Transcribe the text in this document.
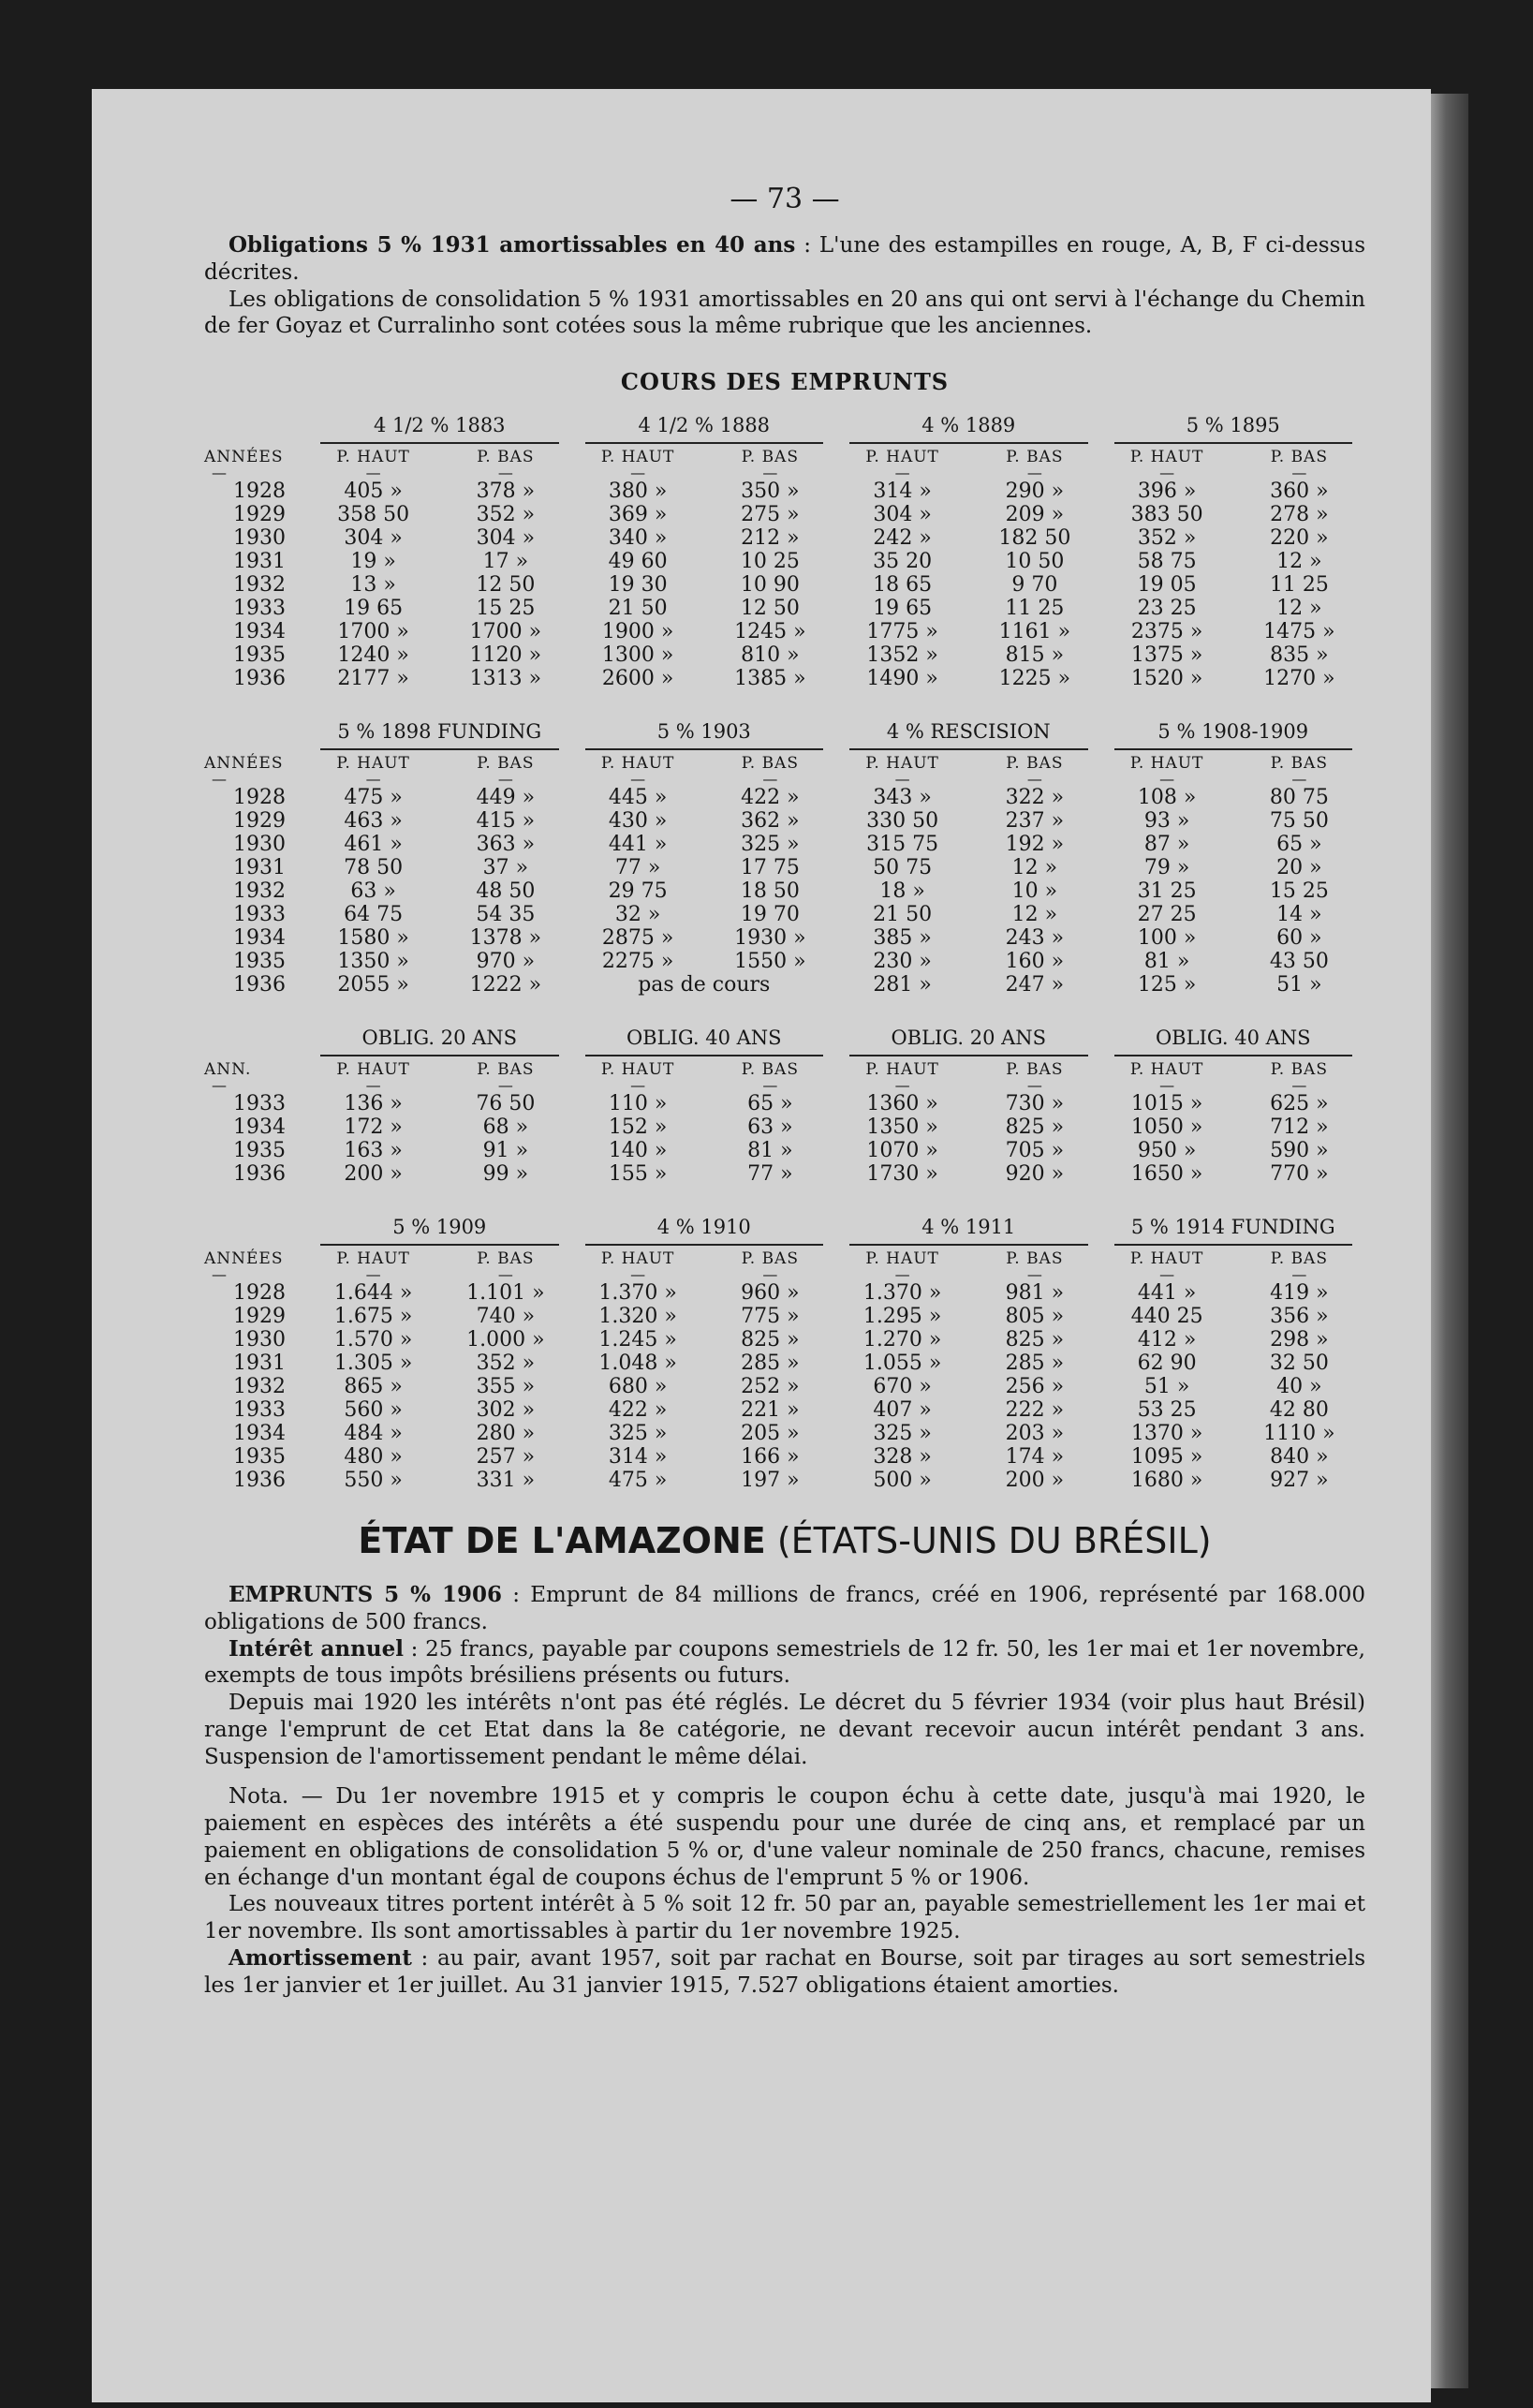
— 73 —

Obligations 5 % 1931 amortissables en 40 ans : L'une des estampilles en rouge, A, B, F ci-dessus décrites.

Les obligations de consolidation 5 % 1931 amortissables en 20 ans qui ont servi à l'échange du Chemin de fer Goyaz et Curralinho sont cotées sous la même rubrique que les anciennes.

COURS DES EMPRUNTS
4 1/2 % 1883	4 1/2 % 1888	4 % 1889	5 % 1895
ANNÉES	P. HAUT	P. BAS	P. HAUT	P. BAS	P. HAUT	P. BAS	P. HAUT	P. BAS
—	—	—	—	—	—	—	—	—
1928	405 »	378 »	380 »	350 »	314 »	290 »	396 »	360 »
1929	358 50	352 »	369 »	275 »	304 »	209 »	383 50	278 »
1930	304 »	304 »	340 »	212 »	242 »	182 50	352 »	220 »
1931	19 »	17 »	49 60	10 25	35 20	10 50	58 75	12 »
1932	13 »	12 50	19 30	10 90	18 65	9 70	19 05	11 25
1933	19 65	15 25	21 50	12 50	19 65	11 25	23 25	12 »
1934	1700 »	1700 »	1900 »	1245 »	1775 »	1161 »	2375 »	1475 »
1935	1240 »	1120 »	1300 »	810 »	1352 »	815 »	1375 »	835 »
1936	2177 »	1313 »	2600 »	1385 »	1490 »	1225 »	1520 »	1270 »
5 % 1898 FUNDING	5 % 1903	4 % RESCISION	5 % 1908-1909
ANNÉES	P. HAUT	P. BAS	P. HAUT	P. BAS	P. HAUT	P. BAS	P. HAUT	P. BAS
—	—	—	—	—	—	—	—	—
1928	475 »	449 »	445 »	422 »	343 »	322 »	108 »	80 75
1929	463 »	415 »	430 »	362 »	330 50	237 »	93 »	75 50
1930	461 »	363 »	441 »	325 »	315 75	192 »	87 »	65 »
1931	78 50	37 »	77 »	17 75	50 75	12 »	79 »	20 »
1932	63 »	48 50	29 75	18 50	18 »	10 »	31 25	15 25
1933	64 75	54 35	32 »	19 70	21 50	12 »	27 25	14 »
1934	1580 »	1378 »	2875 »	1930 »	385 »	243 »	100 »	60 »
1935	1350 »	970 »	2275 »	1550 »	230 »	160 »	81 »	43 50
1936	2055 »	1222 »	pas de cours	281 »	247 »	125 »	51 »
OBLIG. 20 ANS	OBLIG. 40 ANS	OBLIG. 20 ANS	OBLIG. 40 ANS
ANN.	P. HAUT	P. BAS	P. HAUT	P. BAS	P. HAUT	P. BAS	P. HAUT	P. BAS
—	—	—	—	—	—	—	—	—
1933	136 »	76 50	110 »	65 »	1360 »	730 »	1015 »	625 »
1934	172 »	68 »	152 »	63 »	1350 »	825 »	1050 »	712 »
1935	163 »	91 »	140 »	81 »	1070 »	705 »	950 »	590 »
1936	200 »	99 »	155 »	77 »	1730 »	920 »	1650 »	770 »
5 % 1909	4 % 1910	4 % 1911	5 % 1914 FUNDING
ANNÉES	P. HAUT	P. BAS	P. HAUT	P. BAS	P. HAUT	P. BAS	P. HAUT	P. BAS
—	—	—	—	—	—	—	—	—
1928	1.644 »	1.101 »	1.370 »	960 »	1.370 »	981 »	441 »	419 »
1929	1.675 »	740 »	1.320 »	775 »	1.295 »	805 »	440 25	356 »
1930	1.570 »	1.000 »	1.245 »	825 »	1.270 »	825 »	412 »	298 »
1931	1.305 »	352 »	1.048 »	285 »	1.055 »	285 »	62 90	32 50
1932	865 »	355 »	680 »	252 »	670 »	256 »	51 »	40 »
1933	560 »	302 »	422 »	221 »	407 »	222 »	53 25	42 80
1934	484 »	280 »	325 »	205 »	325 »	203 »	1370 »	1110 »
1935	480 »	257 »	314 »	166 »	328 »	174 »	1095 »	840 »
1936	550 »	331 »	475 »	197 »	500 »	200 »	1680 »	927 »
ÉTAT DE L'AMAZONE (ÉTATS-UNIS DU BRÉSIL)

EMPRUNTS 5 % 1906 : Emprunt de 84 millions de francs, créé en 1906, représenté par 168.000 obligations de 500 francs.

Intérêt annuel : 25 francs, payable par coupons semestriels de 12 fr. 50, les 1er mai et 1er novembre, exempts de tous impôts brésiliens présents ou futurs.

Depuis mai 1920 les intérêts n'ont pas été réglés. Le décret du 5 février 1934 (voir plus haut Brésil) range l'emprunt de cet Etat dans la 8e catégorie, ne devant recevoir aucun intérêt pendant 3 ans. Suspension de l'amortissement pendant le même délai.

Nota. — Du 1er novembre 1915 et y compris le coupon échu à cette date, jusqu'à mai 1920, le paiement en espèces des intérêts a été suspendu pour une durée de cinq ans, et remplacé par un paiement en obligations de consolidation 5 % or, d'une valeur nominale de 250 francs, chacune, remises en échange d'un montant égal de coupons échus de l'emprunt 5 % or 1906.

Les nouveaux titres portent intérêt à 5 % soit 12 fr. 50 par an, payable semestriellement les 1er mai et 1er novembre. Ils sont amortissables à partir du 1er novembre 1925.

Amortissement : au pair, avant 1957, soit par rachat en Bourse, soit par tirages au sort semestriels les 1er janvier et 1er juillet. Au 31 janvier 1915, 7.527 obligations étaient amorties.
